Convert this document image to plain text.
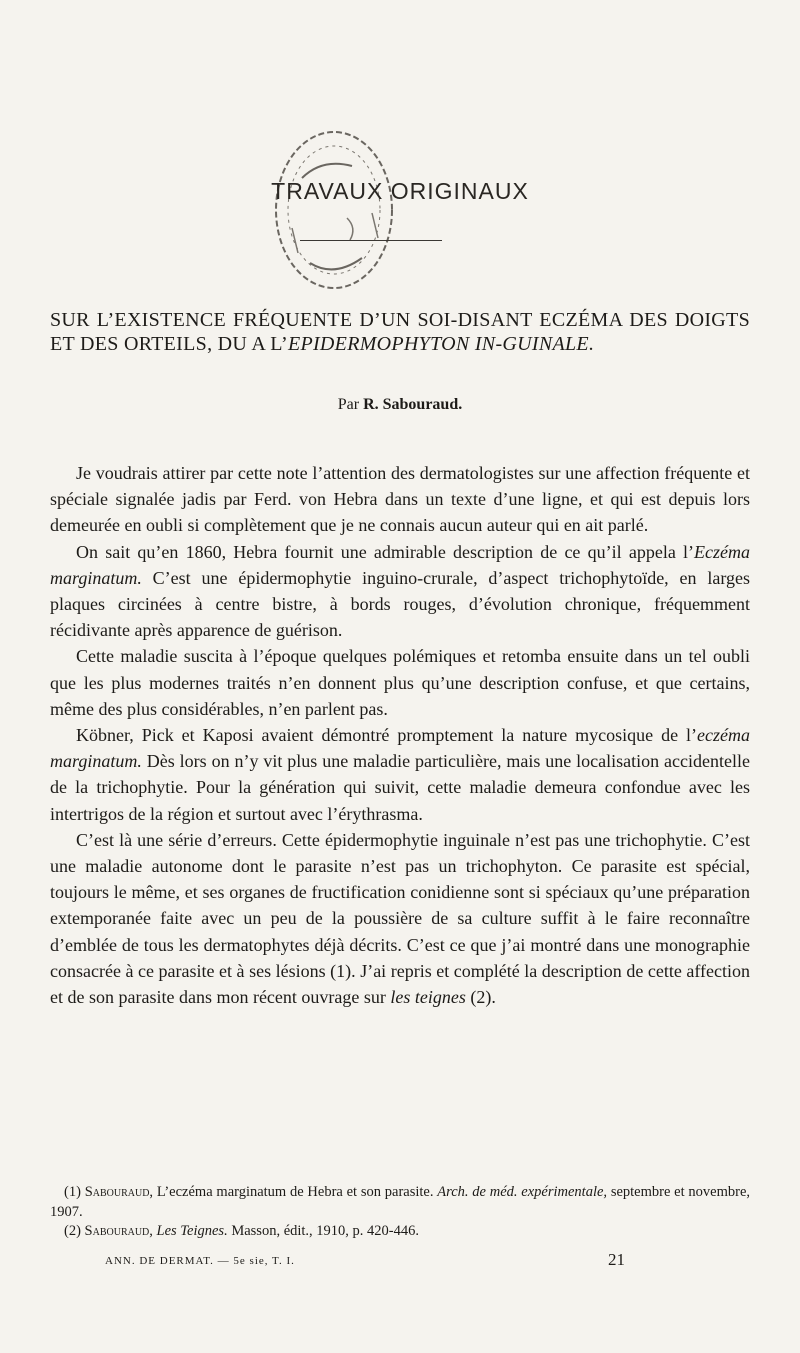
TRAVAUX ORIGINAUX
SUR L’EXISTENCE FRÉQUENTE D’UN SOI-DISANT ECZÉMA DES DOIGTS ET DES ORTEILS, DU A L’EPIDERMOPHYTON IN-GUINALE.
Par R. Sabouraud.

Je voudrais attirer par cette note l’attention des dermatologistes sur une affection fréquente et spéciale signalée jadis par Ferd. von Hebra dans un texte d’une ligne, et qui est depuis lors demeurée en oubli si complètement que je ne connais aucun auteur qui en ait parlé.

On sait qu’en 1860, Hebra fournit une admirable description de ce qu’il appela l’Eczéma marginatum. C’est une épidermophytie inguino-crurale, d’aspect trichophytoïde, en larges plaques circinées à centre bistre, à bords rouges, d’évolution chronique, fréquemment récidivante après apparence de guérison.

Cette maladie suscita à l’époque quelques polémiques et retomba ensuite dans un tel oubli que les plus modernes traités n’en donnent plus qu’une description confuse, et que certains, même des plus considérables, n’en parlent pas.

Köbner, Pick et Kaposi avaient démontré promptement la nature mycosique de l’eczéma marginatum. Dès lors on n’y vit plus une maladie particulière, mais une localisation accidentelle de la trichophytie. Pour la génération qui suivit, cette maladie demeura confondue avec les intertrigos de la région et surtout avec l’érythrasma.

C’est là une série d’erreurs. Cette épidermophytie inguinale n’est pas une trichophytie. C’est une maladie autonome dont le parasite n’est pas un trichophyton. Ce parasite est spécial, toujours le même, et ses organes de fructification conidienne sont si spéciaux qu’une préparation extemporanée faite avec un peu de la poussière de sa culture suffit à le faire reconnaître d’emblée de tous les dermatophytes déjà décrits. C’est ce que j’ai montré dans une monographie consacrée à ce parasite et à ses lésions (1). J’ai repris et complété la description de cette affection et de son parasite dans mon récent ouvrage sur les teignes (2).

(1) Sabouraud, L’eczéma marginatum de Hebra et son parasite. Arch. de méd. expérimentale, septembre et novembre, 1907.

(2) Sabouraud, Les Teignes. Masson, édit., 1910, p. 420-446.

ANN. DE DERMAT. — 5e sie, T. I.	21
